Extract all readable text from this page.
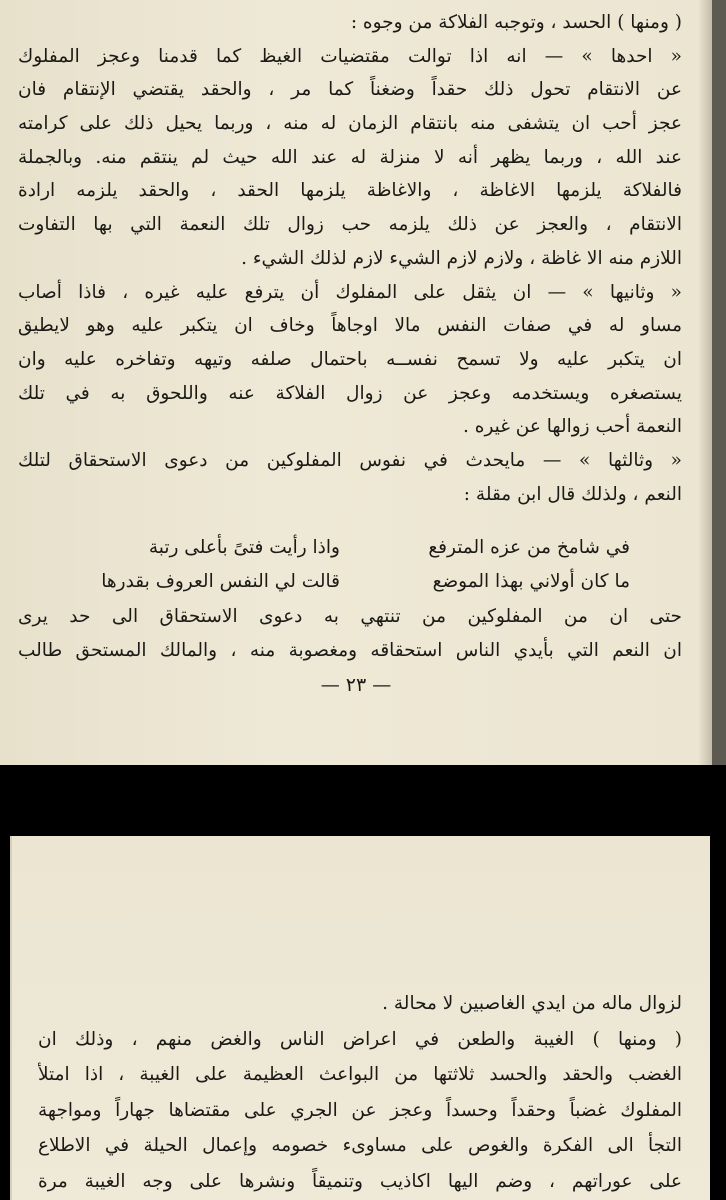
( ومنها ) الحسد ، وتوجبه الفلاكة من وجوه :
« احدها » — انه اذا توالت مقتضيات الغيظ كما قدمنا وعجز المفلوك
عن الانتقام تحول ذلك حقداً وضغناً كما مر ، والحقد يقتضي الإنتقام فان
عجز أحب ان يتشفى منه بانتقام الزمان له منه ، وربما يحيل ذلك على كرامته
عند الله ، وربما يظهر أنه لا منزلة له عند الله حيث لم ينتقم منه. وبالجملة
فالفلاكة يلزمها الاغاظة ، والاغاظة يلزمها الحقد ، والحقد يلزمه ارادة
الانتقام ، والعجز عن ذلك يلزمه حب زوال تلك النعمة التي بها التفاوت
اللازم منه الا غاظة ، ولازم لازم الشيء لازم لذلك الشيء .
« وثانيها » — ان يثقل على المفلوك أن يترفع عليه غيره ، فاذا أصاب
مساو له في صفات النفس مالا اوجاهاً وخاف ان يتكبر عليه وهو لايطيق
ان يتكبر عليه ولا تسمح نفســه باحتمال صلفه وتيهه وتفاخره عليه وان
يستصغره ويستخدمه وعجز عن زوال الفلاكة عنه واللحوق به في تلك
النعمة أحب زوالها عن غيره .
« وثالثها » — مايحدث في نفوس المفلوكين من دعوى الاستحقاق لتلك
النعم ، ولذلك قال ابن مقلة :
واذا رأيت فتىً بأعلى رتبة	في شامخ من عزه المترفع
قالت لي النفس العروف بقدرها	ما كان أولاني بهذا الموضع
حتى ان من المفلوكين من تنتهي به دعوى الاستحقاق الى حد يرى
ان النعم التي بأيدي الناس استحقاقه ومغصوبة منه ، والمالك المستحق طالب
— ٢٣ —
لزوال ماله من ايدي الغاصبين لا محالة .
( ومنها ) الغيبة والطعن في اعراض الناس والغض منهم ، وذلك ان
الغضب والحقد والحسد ثلاثتها من البواعث العظيمة على الغيبة ، اذا امتلأ
المفلوك غضباً وحقداً وحسداً وعجز عن الجري على مقتضاها جهاراً ومواجهة
التجأ الى الفكرة والغوص على مساوىء خصومه وإعمال الحيلة في الاطلاع
على عوراتهم ، وضم اليها اكاذيب وتنميقاً ونشرها على وجه الغيبة مرة
